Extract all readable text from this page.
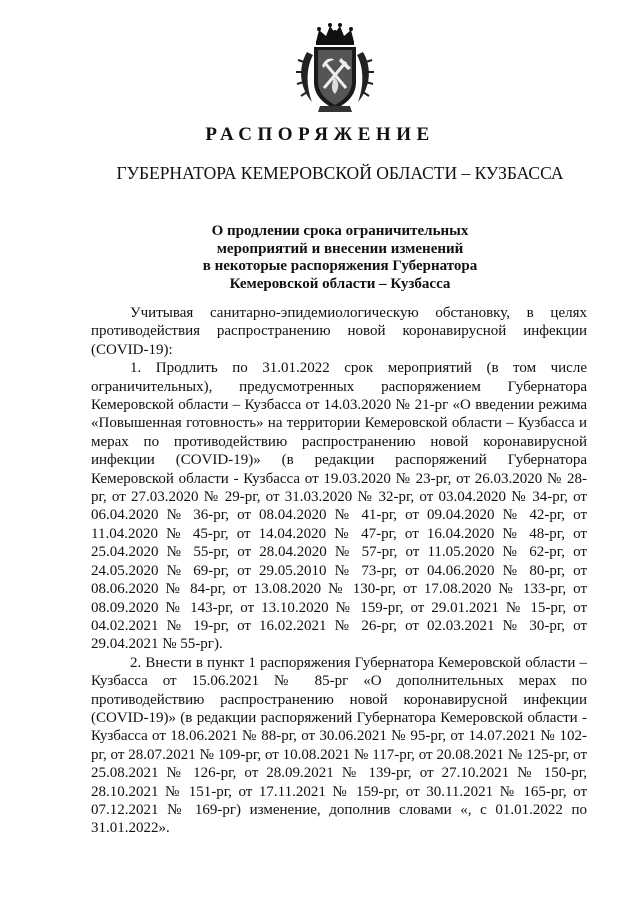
РАСПОРЯЖЕНИЕ
ГУБЕРНАТОРА КЕМЕРОВСКОЙ ОБЛАСТИ – КУЗБАССА
О продлении срока ограничительных
мероприятий и внесении изменений
в некоторые распоряжения Губернатора
Кемеровской области – Кузбасса

Учитывая санитарно-эпидемиологическую обстановку, в целях противодействия распространению новой коронавирусной инфекции (COVID-19):

1. Продлить по 31.01.2022 срок мероприятий (в том числе ограничительных), предусмотренных распоряжением Губернатора Кемеровской области – Кузбасса от 14.03.2020 № 21-рг «О введении режима «Повышенная готовность» на территории Кемеровской области – Кузбасса и мерах по противодействию распространению новой коронавирусной инфекции (COVID-19)» (в редакции распоряжений Губернатора Кемеровской области - Кузбасса от 19.03.2020 № 23-рг, от 26.03.2020 № 28-рг, от 27.03.2020 № 29-рг, от 31.03.2020 № 32-рг, от 03.04.2020 № 34-рг, от 06.04.2020 № 36-рг, от 08.04.2020 № 41-рг, от 09.04.2020 № 42-рг, от 11.04.2020 № 45-рг, от 14.04.2020 № 47-рг, от 16.04.2020 № 48-рг, от 25.04.2020 № 55-рг, от 28.04.2020 № 57-рг, от 11.05.2020 № 62-рг, от 24.05.2020 № 69-рг, от 29.05.2010 № 73-рг, от 04.06.2020 № 80-рг, от 08.06.2020 № 84-рг, от 13.08.2020 № 130-рг, от 17.08.2020 № 133-рг, от 08.09.2020 № 143-рг, от 13.10.2020 № 159-рг, от 29.01.2021 № 15-рг, от 04.02.2021 № 19-рг, от 16.02.2021 № 26-рг, от 02.03.2021 № 30-рг, от 29.04.2021 № 55-рг).

2. Внести в пункт 1 распоряжения Губернатора Кемеровской области – Кузбасса от 15.06.2021 № 85-рг «О дополнительных мерах по противодействию распространению новой коронавирусной инфекции (COVID-19)» (в редакции распоряжений Губернатора Кемеровской области - Кузбасса от 18.06.2021 № 88-рг, от 30.06.2021 № 95-рг, от 14.07.2021 № 102-рг, от 28.07.2021 № 109-рг, от 10.08.2021 № 117-рг, от 20.08.2021 № 125-рг, от 25.08.2021 № 126-рг, от 28.09.2021 № 139-рг, от 27.10.2021 № 150-рг, 28.10.2021 № 151-рг, от 17.11.2021 № 159-рг, от 30.11.2021 № 165-рг, от 07.12.2021 № 169-рг) изменение, дополнив словами «, с 01.01.2022 по 31.01.2022».
